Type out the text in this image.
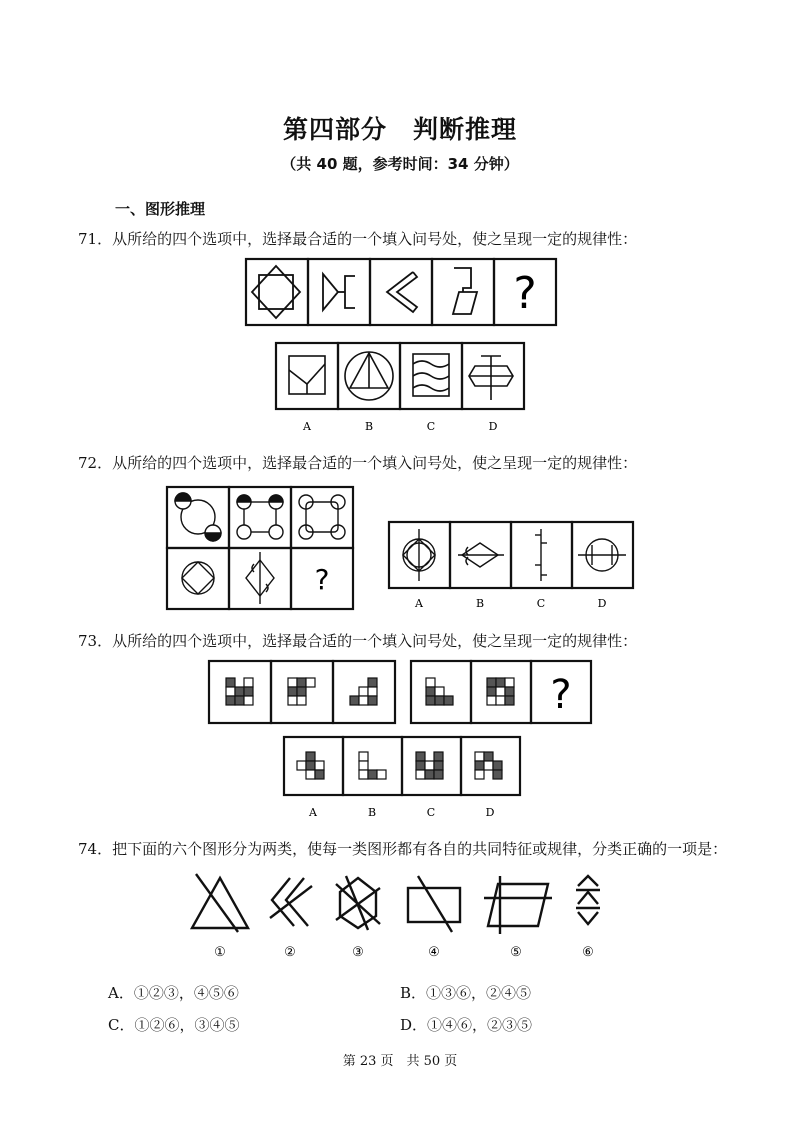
第四部分　判断推理
（共 40 题，参考时间：34 分钟）
一、图形推理
71．从所给的四个选项中，选择最合适的一个填入问号处，使之呈现一定的规律性：
?
A	B	C	D
72．从所给的四个选项中，选择最合适的一个填入问号处，使之呈现一定的规律性：
?
A	B	C	D
73．从所给的四个选项中，选择最合适的一个填入问号处，使之呈现一定的规律性：
?
A	B	C	D
74．把下面的六个图形分为两类，使每一类图形都有各自的共同特征或规律，分类正确的一项是：
①	②	③	④	⑤	⑥
A．①②③，④⑤⑥	B．①③⑥，②④⑤
C．①②⑥，③④⑤	D．①④⑥，②③⑤
第 23 页　共 50 页
